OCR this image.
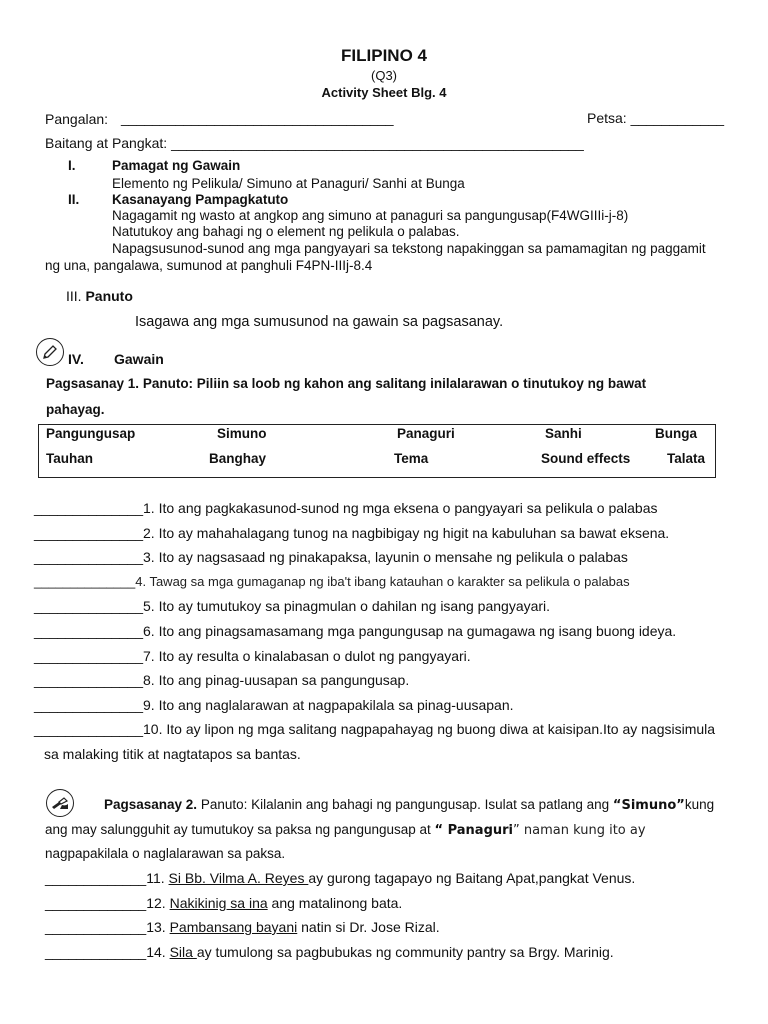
FILIPINO 4
(Q3)
Activity Sheet Blg. 4
Pangalan: ___________________________________	Petsa: ____________
Baitang at Pangkat: _____________________________________________________
I.	Pamagat ng Gawain
Elemento ng Pelikula/ Simuno at Panaguri/ Sanhi at Bunga
II. Kasanayang Pampagkatuto
Nagagamit ng wasto at angkop ang simuno at panaguri sa pangungusap(F4WGIIIi-j-8)
Natutukoy ang bahagi ng o element ng pelikula o palabas.
Napagsusunod-sunod ang mga pangyayari sa tekstong napakinggan sa pamamagitan ng paggamit
ng una, pangalawa, sumunod at panghuli F4PN-IIIj-8.4
III. Panuto
Isagawa ang mga sumusunod na gawain sa pagsasanay.
IV. Gawain
Pagsasanay 1. Panuto: Piliin sa loob ng kahon ang salitang inilalarawan o tinutukoy ng bawat
pahayag.
Pangungusap	Simuno	Panaguri	Sanhi	Bunga
Tauhan	Banghay	Tema	Sound effects	Talata
______________1. Ito ang pagkakasunod-sunod ng mga eksena o pangyayari sa pelikula o palabas
______________2. Ito ay mahahalagang tunog na nagbibigay ng higit na kabuluhan sa bawat eksena.
______________3. Ito ay nagsasaad ng pinakapaksa, layunin o mensahe ng pelikula o palabas
______________4. Tawag sa mga gumaganap ng iba't ibang katauhan o karakter sa pelikula o palabas
______________5. Ito ay tumutukoy sa pinagmulan o dahilan ng isang pangyayari.
______________6. Ito ang pinagsamasamang mga pangungusap na gumagawa ng isang buong ideya.
______________7. Ito ay resulta o kinalabasan o dulot ng pangyayari.
______________8. Ito ang pinag-uusapan sa pangungusap.
______________9. Ito ang naglalarawan at nagpapakilala sa pinag-uusapan.
______________10. Ito ay lipon ng mga salitang nagpapahayag ng buong diwa at kaisipan.Ito ay nagsisimula
sa malaking titik at nagtatapos sa bantas.
Pagsasanay 2. Panuto: Kilalanin ang bahagi ng pangungusap. Isulat sa patlang ang “Simuno”kung
ang may salungguhit ay tumutukoy sa paksa ng pangungusap at “ Panaguri” naman kung ito ay
nagpapakilala o naglalarawan sa paksa.
_____________11. Si Bb. Vilma A. Reyes ay gurong tagapayo ng Baitang Apat,pangkat Venus.
_____________12. Nakikinig sa ina ang matalinong bata.
_____________13. Pambansang bayani natin si Dr. Jose Rizal.
_____________14. Sila ay tumulong sa pagbubukas ng community pantry sa Brgy. Marinig.
